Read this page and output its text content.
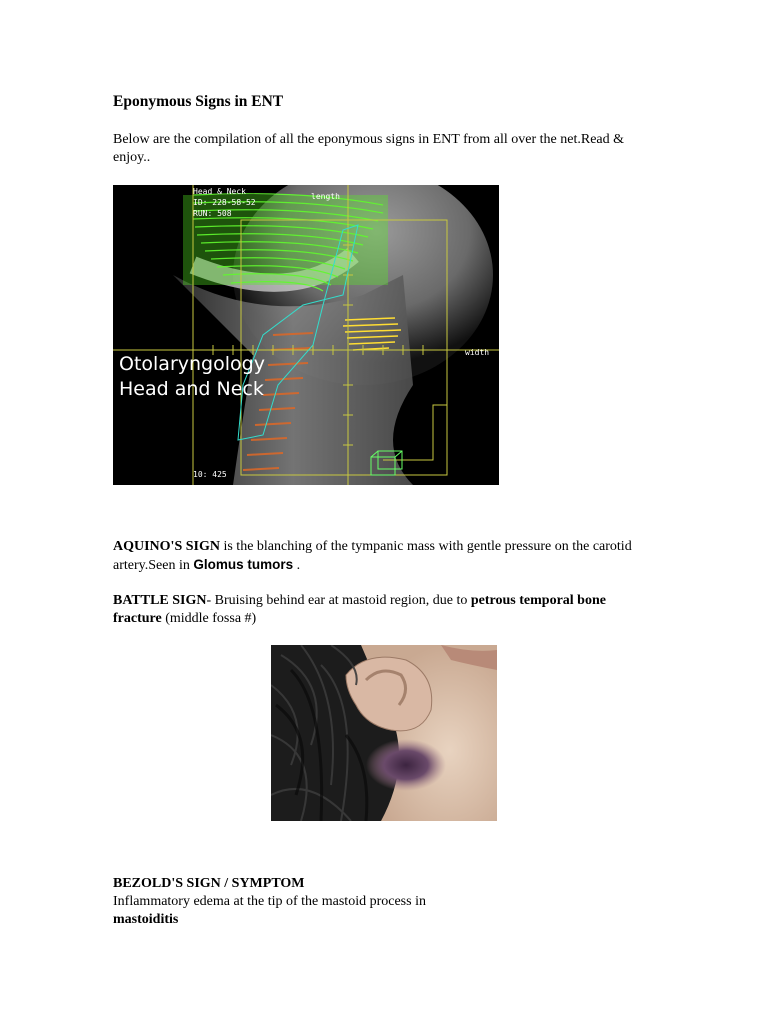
Eponymous Signs in ENT

Below are the compilation of all the eponymous signs in ENT from all over the net.Read & enjoy..

Head & Neck
ID: 228-58-52
RUN: 508
length
width
10: 425
Otolaryngology
Head and Neck

AQUINO'S SIGN is the blanching of the tympanic mass with gentle pressure on the carotid artery.Seen in Glomus tumors .

BATTLE SIGN- Bruising behind ear at mastoid region, due to petrous temporal bone fracture (middle fossa #)

BEZOLD'S SIGN / SYMPTOM

Inflammatory edema at the tip of the mastoid process in
mastoiditis
